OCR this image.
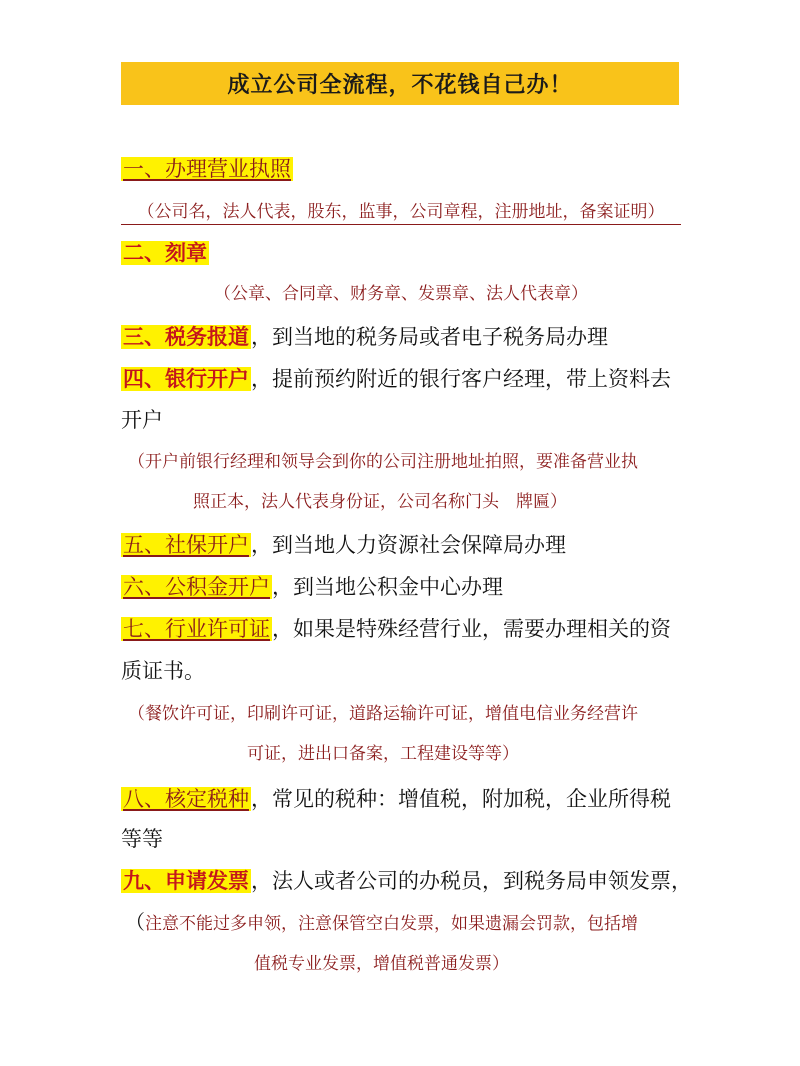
成立公司全流程，不花钱自己办！
一、办理营业执照
（公司名，法人代表，股东，监事，公司章程，注册地址，备案证明）
二、刻章
（公章、合同章、财务章、发票章、法人代表章）
三、税务报道，到当地的税务局或者电子税务局办理
四、银行开户，提前预约附近的银行客户经理，带上资料去
开户
（开户前银行经理和领导会到你的公司注册地址拍照，要准备营业执
照正本，法人代表身份证，公司名称门头　牌匾）
五、社保开户，到当地人力资源社会保障局办理
六、公积金开户，到当地公积金中心办理
七、行业许可证，如果是特殊经营行业，需要办理相关的资
质证书。
（餐饮许可证，印刷许可证，道路运输许可证，增值电信业务经营许
可证，进出口备案，工程建设等等）
八、核定税种，常见的税种：增值税，附加税，企业所得税
等等
九、申请发票，法人或者公司的办税员，到税务局申领发票，
（注意不能过多申领，注意保管空白发票，如果遗漏会罚款，包括增
值税专业发票，增值税普通发票）
